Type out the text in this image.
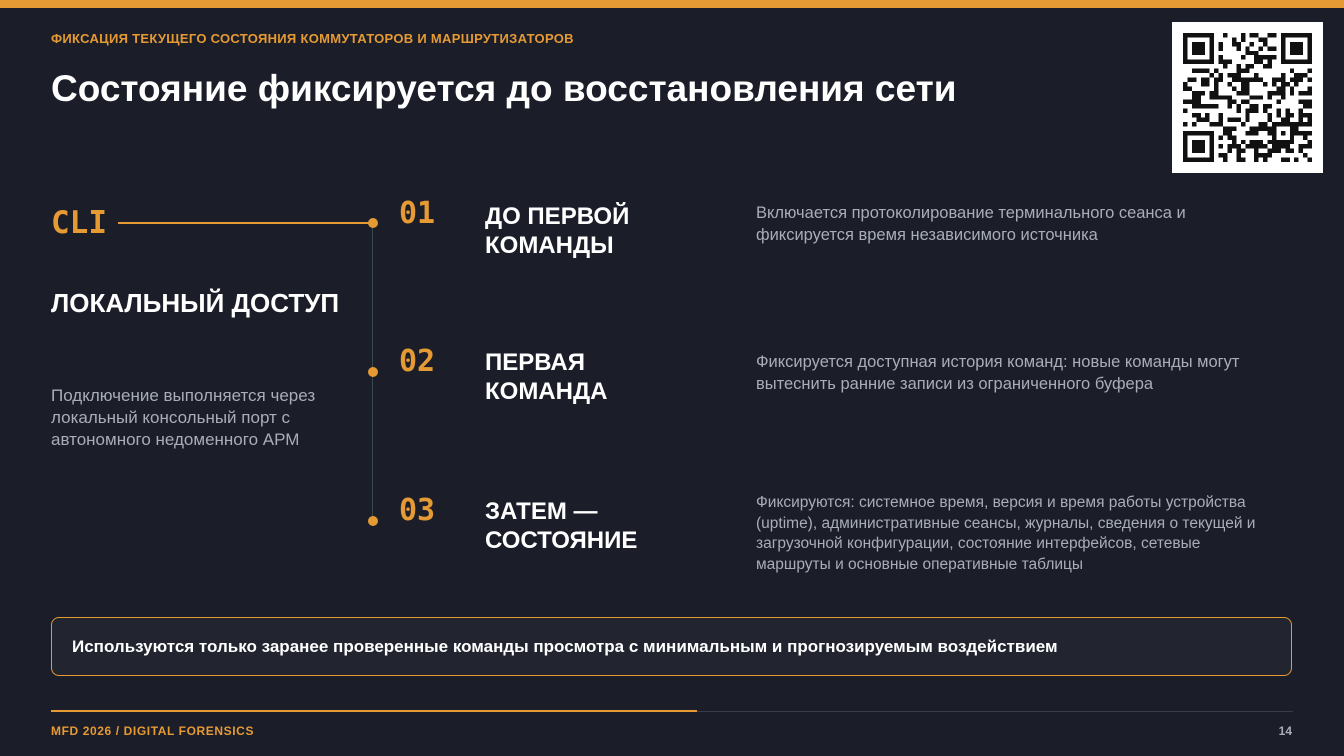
ФИКСАЦИЯ ТЕКУЩЕГО СОСТОЯНИЯ КОММУТАТОРОВ И МАРШРУТИЗАТОРОВ
Состояние фиксируется до восстановления сети
CLI
ЛОКАЛЬНЫЙ ДОСТУП
Подключение выполняется через локальный консольный порт с автономного недоменного АРМ
01 ДО ПЕРВОЙ КОМАНДЫ
Включается протоколирование терминального сеанса и фиксируется время независимого источника
02 ПЕРВАЯ КОМАНДА
Фиксируется доступная история команд: новые команды могут вытеснить ранние записи из ограниченного буфера
03 ЗАТЕМ — СОСТОЯНИЕ
Фиксируются: системное время, версия и время работы устройства (uptime), административные сеансы, журналы, сведения о текущей и загрузочной конфигурации, состояние интерфейсов, сетевые маршруты и основные оперативные таблицы
Используются только заранее проверенные команды просмотра с минимальным и прогнозируемым воздействием
MFD 2026 / DIGITAL FORENSICS	14
